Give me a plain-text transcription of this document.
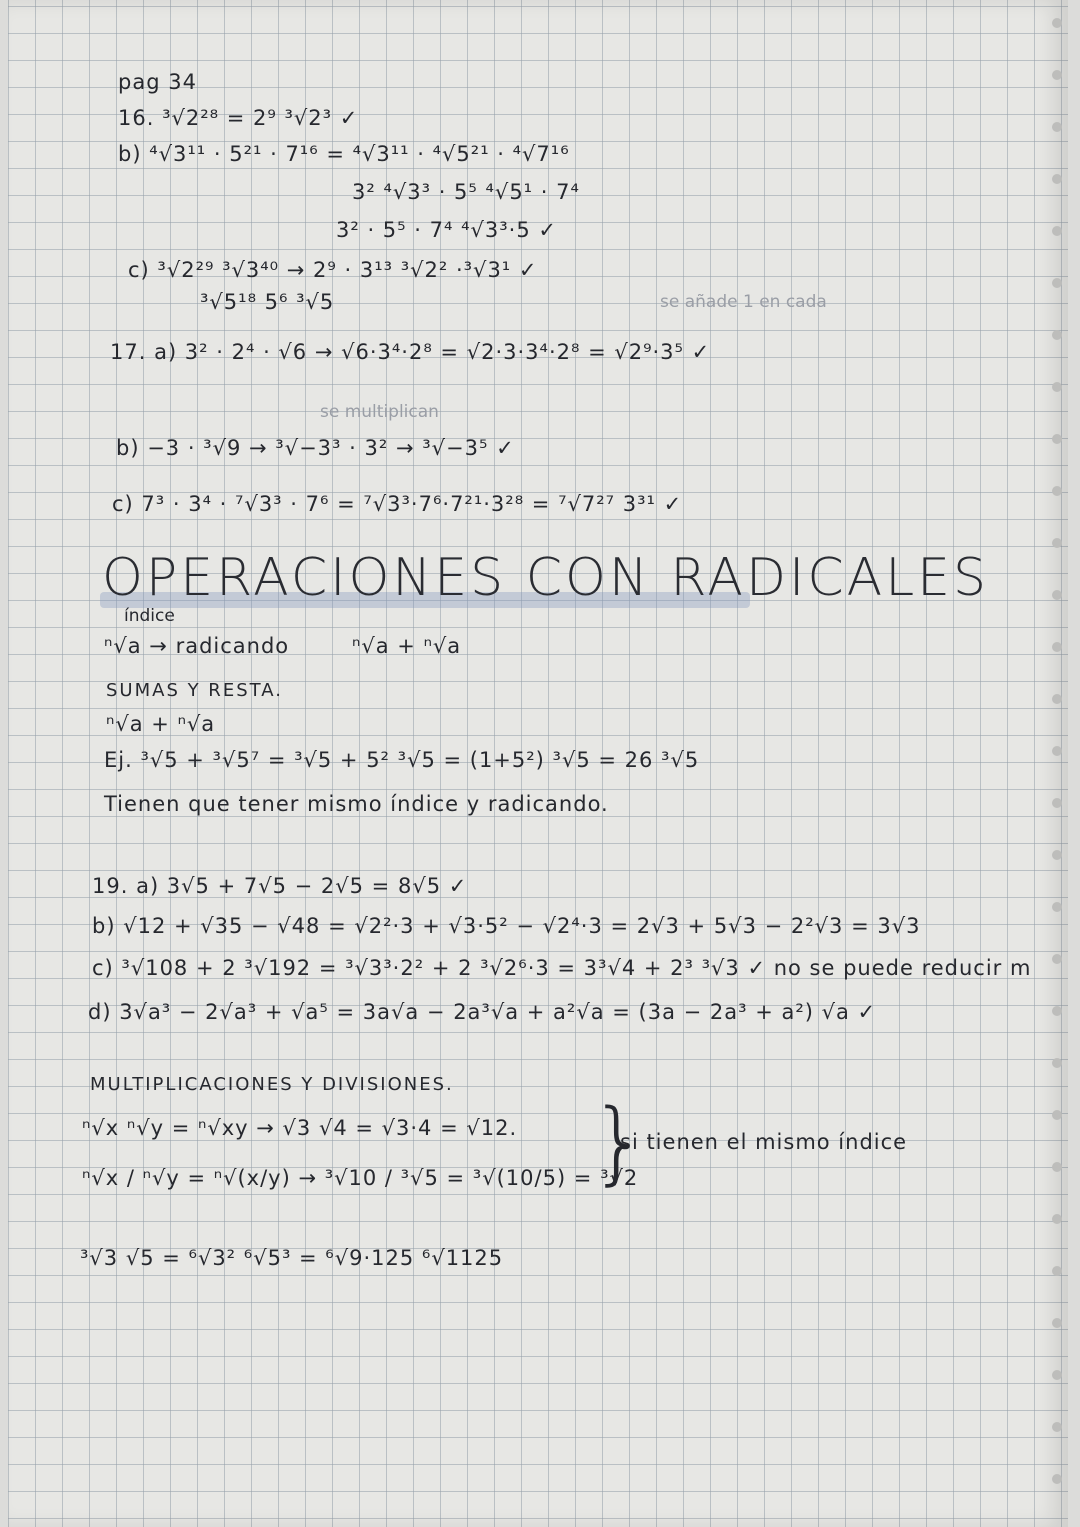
pag 34
16. ³√2²⁸ = 2⁹ ³√2³ ✓
b) ⁴√3¹¹ · 5²¹ · 7¹⁶ = ⁴√3¹¹ · ⁴√5²¹ · ⁴√7¹⁶
3² ⁴√3³ · 5⁵ ⁴√5¹ · 7⁴
3² · 5⁵ · 7⁴ ⁴√3³·5 ✓
c) ³√2²⁹ ³√3⁴⁰ → 2⁹ · 3¹³ ³√2² ·³√3¹ ✓
³√5¹⁸ 5⁶ ³√5	se añade 1 en cada
17. a) 3² · 2⁴ · √6 → √6·3⁴·2⁸ = √2·3·3⁴·2⁸ = √2⁹·3⁵ ✓
se multiplican
b) −3 · ³√9 → ³√−3³ · 3² → ³√−3⁵ ✓
c) 7³ · 3⁴ · ⁷√3³ · 7⁶ = ⁷√3³·7⁶·7²¹·3²⁸ = ⁷√7²⁷ 3³¹ ✓
OPERACIONES CON RADICALES
índice
ⁿ√a → radicando	ⁿ√a + ⁿ√a
SUMAS Y RESTA.
ⁿ√a + ⁿ√a
Ej. ³√5 + ³√5⁷ = ³√5 + 5² ³√5 = (1+5²) ³√5 = 26 ³√5
Tienen que tener mismo índice y radicando.
19. a) 3√5 + 7√5 − 2√5 = 8√5 ✓
b) √12 + √35 − √48 = √2²·3 + √3·5² − √2⁴·3 = 2√3 + 5√3 − 2²√3 = 3√3
c) ³√108 + 2 ³√192 = ³√3³·2² + 2 ³√2⁶·3 = 3³√4 + 2³ ³√3 ✓ no se puede reducir m
d) 3√a³ − 2√a³ + √a⁵ = 3a√a − 2a³√a + a²√a = (3a − 2a³ + a²) √a ✓
MULTIPLICACIONES Y DIVISIONES.
ⁿ√x ⁿ√y = ⁿ√xy → √3 √4 = √3·4 = √12.
ⁿ√x / ⁿ√y = ⁿ√(x/y) → ³√10 / ³√5 = ³√(10/5) = ³√2
}
si tienen el mismo índice
³√3 √5 = ⁶√3² ⁶√5³ = ⁶√9·125 ⁶√1125
